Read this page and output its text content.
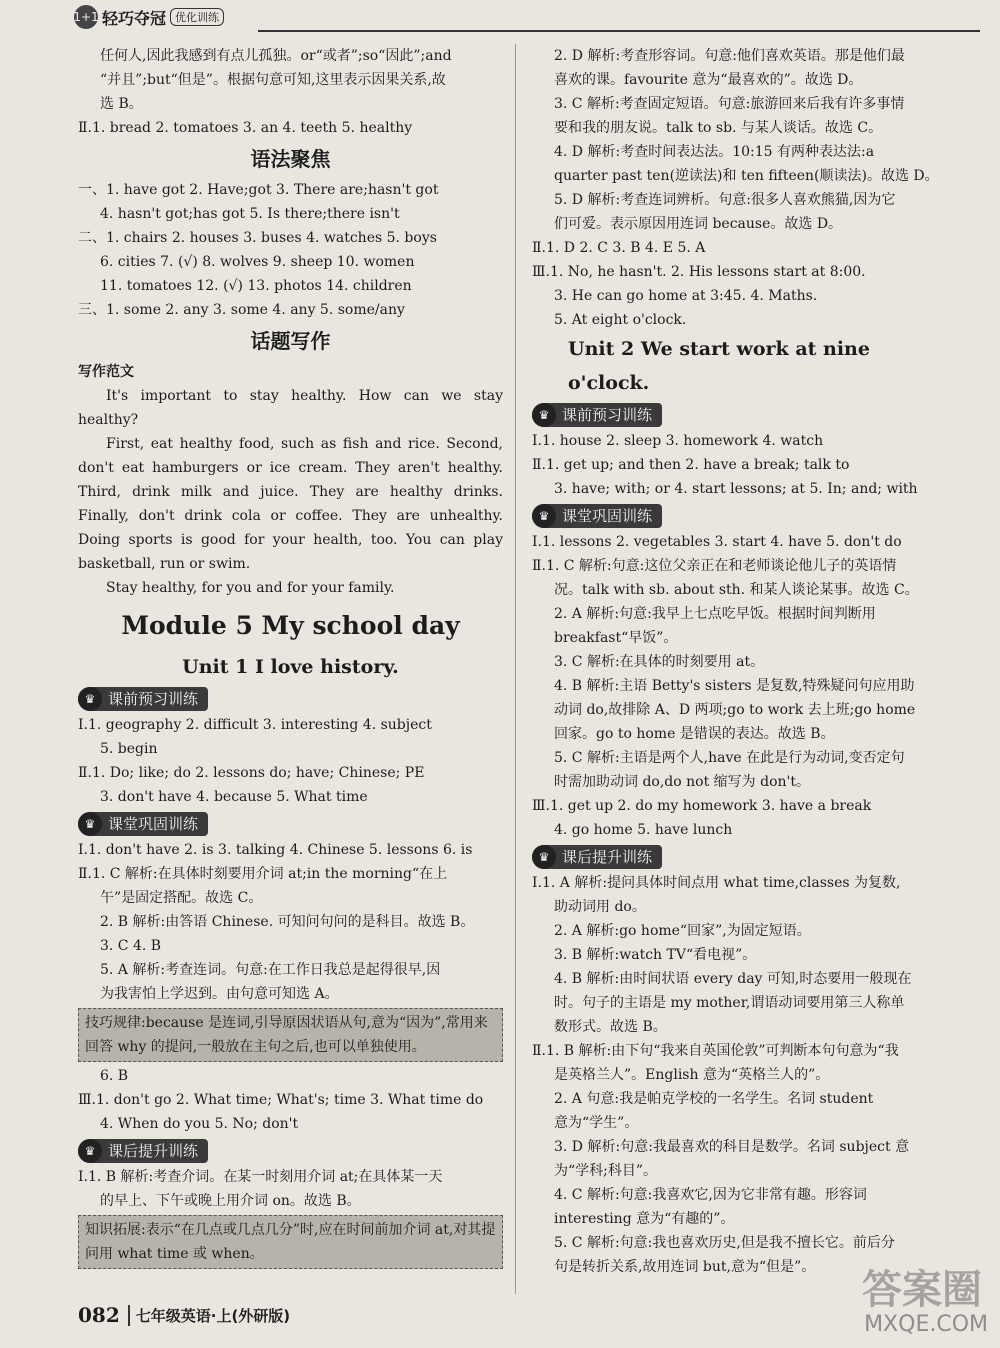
1+1 轻巧夺冠 优化训练
任何人,因此我感到有点儿孤独。or“或者”;so“因此”;and
“并且”;but“但是”。根据句意可知,这里表示因果关系,故
选 B。
Ⅱ.1. bread 2. tomatoes 3. an 4. teeth 5. healthy
语法聚焦
一、1. have got 2. Have;got 3. There are;hasn't got
4. hasn't got;has got 5. Is there;there isn't
二、1. chairs 2. houses 3. buses 4. watches 5. boys
6. cities 7. (√) 8. wolves 9. sheep 10. women
11. tomatoes 12. (√) 13. photos 14. children
三、1. some 2. any 3. some 4. any 5. some/any
话题写作
写作范文
It's important to stay healthy. How can we stay healthy?
First, eat healthy food, such as fish and rice. Second, don't eat hamburgers or ice cream. They aren't healthy. Third, drink milk and juice. They are healthy drinks. Finally, don't drink cola or coffee. They are unhealthy. Doing sports is good for your health, too. You can play basketball, run or swim.
Stay healthy, for you and for your family.
Module 5 My school day
Unit 1 I love history.
♛ 课前预习训练
Ⅰ.1. geography 2. difficult 3. interesting 4. subject
5. begin
Ⅱ.1. Do; like; do 2. lessons do; have; Chinese; PE
3. don't have 4. because 5. What time
♛ 课堂巩固训练
Ⅰ.1. don't have 2. is 3. talking 4. Chinese 5. lessons 6. is
Ⅱ.1. C 解析:在具体时刻要用介词 at;in the morning“在上
午”是固定搭配。故选 C。
2. B 解析:由答语 Chinese. 可知问句问的是科目。故选 B。
3. C 4. B
5. A 解析:考查连词。句意:在工作日我总是起得很早,因
为我害怕上学迟到。由句意可知选 A。
技巧规律:because 是连词,引导原因状语从句,意为“因为”,常用来回答 why 的提问,一般放在主句之后,也可以单独使用。
6. B
Ⅲ.1. don't go 2. What time; What's; time 3. What time do
4. When do you 5. No; don't
♛ 课后提升训练
Ⅰ.1. B 解析:考查介词。在某一时刻用介词 at;在具体某一天
的早上、下午或晚上用介词 on。故选 B。
知识拓展:表示“在几点或几点几分”时,应在时间前加介词 at,对其提问用 what time 或 when。
2. D 解析:考查形容词。句意:他们喜欢英语。那是他们最
喜欢的课。favourite 意为“最喜欢的”。故选 D。
3. C 解析:考查固定短语。句意:旅游回来后我有许多事情
要和我的朋友说。talk to sb. 与某人谈话。故选 C。
4. D 解析:考查时间表达法。10:15 有两种表达法:a
quarter past ten(逆读法)和 ten fifteen(顺读法)。故选 D。
5. D 解析:考查连词辨析。句意:很多人喜欢熊猫,因为它
们可爱。表示原因用连词 because。故选 D。
Ⅱ.1. D 2. C 3. B 4. E 5. A
Ⅲ.1. No, he hasn't. 2. His lessons start at 8:00.
3. He can go home at 3:45. 4. Maths.
5. At eight o'clock.
Unit 2 We start work at nine o'clock.
♛ 课前预习训练
Ⅰ.1. house 2. sleep 3. homework 4. watch
Ⅱ.1. get up; and then 2. have a break; talk to
3. have; with; or 4. start lessons; at 5. In; and; with
♛ 课堂巩固训练
Ⅰ.1. lessons 2. vegetables 3. start 4. have 5. don't do
Ⅱ.1. C 解析:句意:这位父亲正在和老师谈论他儿子的英语情
况。talk with sb. about sth. 和某人谈论某事。故选 C。
2. A 解析:句意:我早上七点吃早饭。根据时间判断用
breakfast“早饭”。
3. C 解析:在具体的时刻要用 at。
4. B 解析:主语 Betty's sisters 是复数,特殊疑问句应用助
动词 do,故排除 A、D 两项;go to work 去上班;go home
回家。go to home 是错误的表达。故选 B。
5. C 解析:主语是两个人,have 在此是行为动词,变否定句
时需加助动词 do,do not 缩写为 don't。
Ⅲ.1. get up 2. do my homework 3. have a break
4. go home 5. have lunch
♛ 课后提升训练
Ⅰ.1. A 解析:提问具体时间点用 what time,classes 为复数,
助动词用 do。
2. A 解析:go home“回家”,为固定短语。
3. B 解析:watch TV“看电视”。
4. B 解析:由时间状语 every day 可知,时态要用一般现在
时。句子的主语是 my mother,谓语动词要用第三人称单
数形式。故选 B。
Ⅱ.1. B 解析:由下句“我来自英国伦敦”可判断本句句意为“我
是英格兰人”。English 意为“英格兰人的”。
2. A 句意:我是帕克学校的一名学生。名词 student
意为“学生”。
3. D 解析:句意:我最喜欢的科目是数学。名词 subject 意
为“学科;科目”。
4. C 解析:句意:我喜欢它,因为它非常有趣。形容词
interesting 意为“有趣的”。
5. C 解析:句意:我也喜欢历史,但是我不擅长它。前后分
句是转折关系,故用连词 but,意为“但是”。
082	七年级英语·上(外研版)
答案圈
MXQE.COM
